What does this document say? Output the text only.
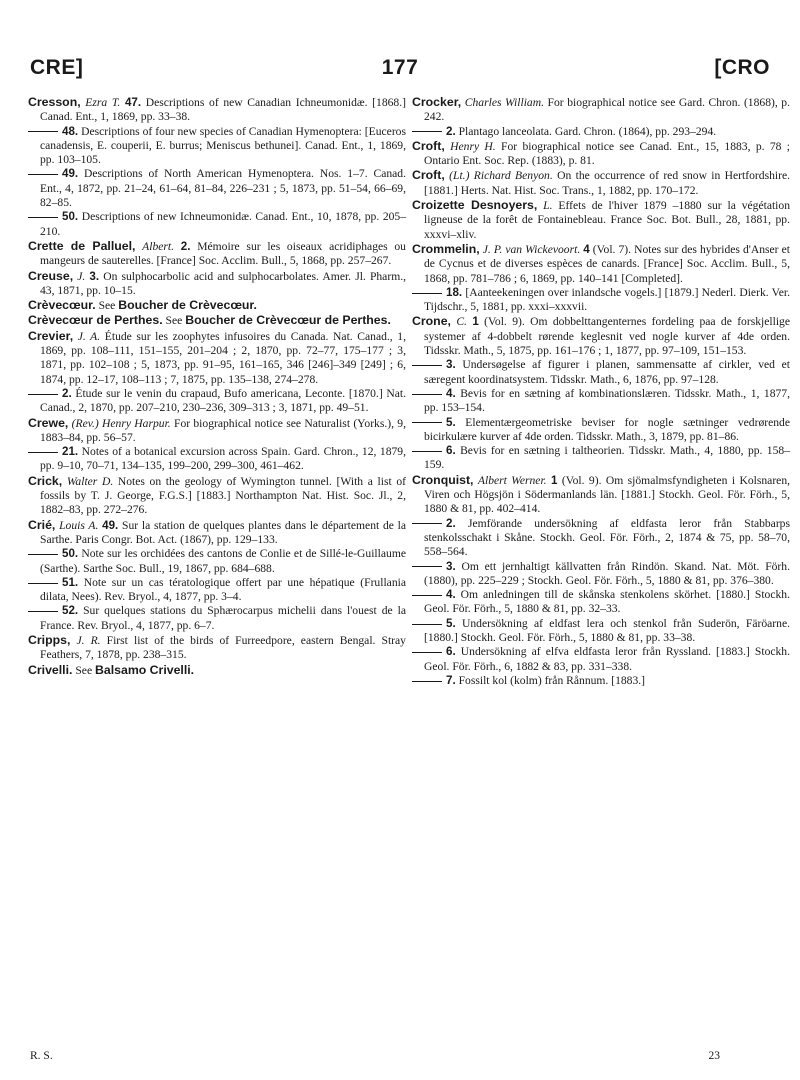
CRE]	177	[CRO

Cresson, Ezra T. 47. Descriptions of new Canadian Ichneumonidæ. [1868.] Canad. Ent., 1, 1869, pp. 33–38.

48. Descriptions of four new species of Canadian Hymenoptera: [Euceros canadensis, E. couperii, E. burrus; Meniscus bethunei]. Canad. Ent., 1, 1869, pp. 103–105.

49. Descriptions of North American Hymenoptera. Nos. 1–7. Canad. Ent., 4, 1872, pp. 21–24, 61–64, 81–84, 226–231 ; 5, 1873, pp. 51–54, 66–69, 82–85.

50. Descriptions of new Ichneumonidæ. Canad. Ent., 10, 1878, pp. 205–210.

Crette de Palluel, Albert. 2. Mémoire sur les oiseaux acridiphages ou mangeurs de sauterelles. [France] Soc. Acclim. Bull., 5, 1868, pp. 257–267.

Creuse, J. 3. On sulphocarbolic acid and sulphocarbolates. Amer. Jl. Pharm., 43, 1871, pp. 10–15.

Crèvecœur. See Boucher de Crèvecœur.

Crèvecœur de Perthes. See Boucher de Crèvecœur de Perthes.

Crevier, J. A. Étude sur les zoophytes infusoires du Canada. Nat. Canad., 1, 1869, pp. 108–111, 151–155, 201–204 ; 2, 1870, pp. 72–77, 175–177 ; 3, 1871, pp. 102–108 ; 5, 1873, pp. 91–95, 161–165, 346 [246]–349 [249] ; 6, 1874, pp. 12–17, 108–113 ; 7, 1875, pp. 135–138, 274–278.

2. Étude sur le venin du crapaud, Bufo americana, Leconte. [1870.] Nat. Canad., 2, 1870, pp. 207–210, 230–236, 309–313 ; 3, 1871, pp. 49–51.

Crewe, (Rev.) Henry Harpur. For biographical notice see Naturalist (Yorks.), 9, 1883–84, pp. 56–57.

21. Notes of a botanical excursion across Spain. Gard. Chron., 12, 1879, pp. 9–10, 70–71, 134–135, 199–200, 299–300, 461–462.

Crick, Walter D. Notes on the geology of Wymington tunnel. [With a list of fossils by T. J. George, F.G.S.] [1883.] Northampton Nat. Hist. Soc. Jl., 2, 1882–83, pp. 272–276.

Crié, Louis A. 49. Sur la station de quelques plantes dans le département de la Sarthe. Paris Congr. Bot. Act. (1867), pp. 129–133.

50. Note sur les orchidées des cantons de Conlie et de Sillé-le-Guillaume (Sarthe). Sarthe Soc. Bull., 19, 1867, pp. 684–688.

51. Note sur un cas tératologique offert par une hépatique (Frullania dilata, Nees). Rev. Bryol., 4, 1877, pp. 3–4.

52. Sur quelques stations du Sphærocarpus michelii dans l'ouest de la France. Rev. Bryol., 4, 1877, pp. 6–7.

Cripps, J. R. First list of the birds of Furreedpore, eastern Bengal. Stray Feathers, 7, 1878, pp. 238–315.

Crivelli. See Balsamo Crivelli.

Crocker, Charles William. For biographical notice see Gard. Chron. (1868), p. 242.

2. Plantago lanceolata. Gard. Chron. (1864), pp. 293–294.

Croft, Henry H. For biographical notice see Canad. Ent., 15, 1883, p. 78 ; Ontario Ent. Soc. Rep. (1883), p. 81.

Croft, (Lt.) Richard Benyon. On the occurrence of red snow in Hertfordshire. [1881.] Herts. Nat. Hist. Soc. Trans., 1, 1882, pp. 170–172.

Croizette Desnoyers, L. Effets de l'hiver 1879 –1880 sur la végétation ligneuse de la forêt de Fontainebleau. France Soc. Bot. Bull., 28, 1881, pp. xxxvi–xliv.

Crommelin, J. P. van Wickevoort. 4 (Vol. 7). Notes sur des hybrides d'Anser et de Cycnus et de diverses espèces de canards. [France] Soc. Acclim. Bull., 5, 1868, pp. 781–786 ; 6, 1869, pp. 140–141 [Completed].

18. [Aanteekeningen over inlandsche vogels.] [1879.] Nederl. Dierk. Ver. Tijdschr., 5, 1881, pp. xxxi–xxxvii.

Crone, C. 1 (Vol. 9). Om dobbelttangenternes fordeling paa de forskjellige systemer af 4-dobbelt rørende keglesnit ved nogle kurver af 4de orden. Tidsskr. Math., 5, 1875, pp. 161–176 ; 1, 1877, pp. 97–109, 151–153.

3. Undersøgelse af figurer i planen, sammensatte af cirkler, ved et særegent koordinatsystem. Tidsskr. Math., 6, 1876, pp. 97–128.

4. Bevis for en sætning af kombinationslæren. Tidsskr. Math., 1, 1877, pp. 153–154.

5. Elementærgeometriske beviser for nogle sætninger vedrørende bicirkulære kurver af 4de orden. Tidsskr. Math., 3, 1879, pp. 81–86.

6. Bevis for en sætning i taltheorien. Tidsskr. Math., 4, 1880, pp. 158–159.

Cronquist, Albert Werner. 1 (Vol. 9). Om sjömalmsfyndigheten i Kolsnaren, Viren och Högsjön i Södermanlands län. [1881.] Stockh. Geol. För. Förh., 5, 1880 & 81, pp. 402–414.

2. Jemförande undersökning af eldfasta leror från Stabbarps stenkolsschakt i Skåne. Stockh. Geol. För. Förh., 2, 1874 & 75, pp. 58–70, 558–564.

3. Om ett jernhaltigt källvatten från Rindön. Skand. Nat. Möt. Förh. (1880), pp. 225–229 ; Stockh. Geol. För. Förh., 5, 1880 & 81, pp. 376–380.

4. Om anledningen till de skånska stenkolens skörhet. [1880.] Stockh. Geol. För. Förh., 5, 1880 & 81, pp. 32–33.

5. Undersökning af eldfast lera och stenkol från Suderön, Färöarne. [1880.] Stockh. Geol. För. Förh., 5, 1880 & 81, pp. 33–38.

6. Undersökning af elfva eldfasta leror från Ryssland. [1883.] Stockh. Geol. För. Förh., 6, 1882 & 83, pp. 331–338.

7. Fossilt kol (kolm) från Rånnum. [1883.]

R. S.	23
